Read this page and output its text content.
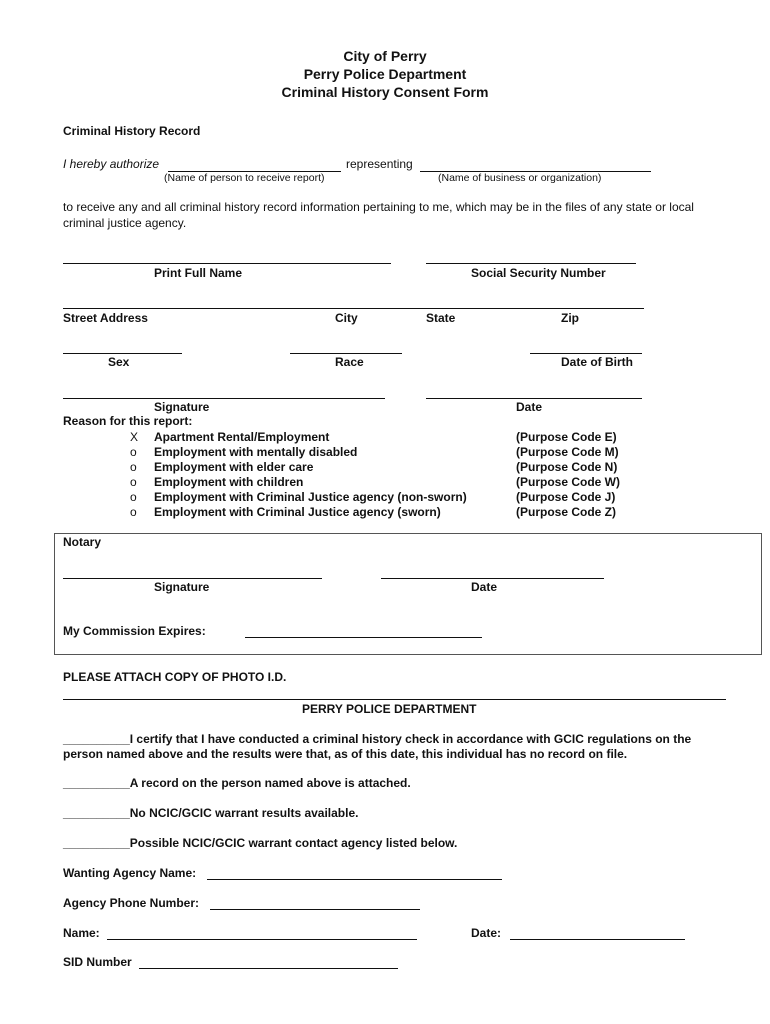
City of Perry
Perry Police Department
Criminal History Consent Form
Criminal History Record
I hereby authorize	representing
(Name of person to receive report)	(Name of business or organization)
to receive any and all criminal history record information pertaining to me, which may be in the files of any state or local criminal justice agency.
Print Full Name	Social Security Number
Street Address	City	State	Zip
Sex	Race	Date of Birth
Signature	Date
Reason for this report:
X Apartment Rental/Employment	(Purpose Code E)
o Employment with mentally disabled	(Purpose Code M)
o Employment with elder care	(Purpose Code N)
o Employment with children	(Purpose Code W)
o Employment with Criminal Justice agency (non-sworn)	(Purpose Code J)
o Employment with Criminal Justice agency (sworn)	(Purpose Code Z)
Notary
Signature	Date
My Commission Expires:
PLEASE ATTACH COPY OF PHOTO I.D.
PERRY POLICE DEPARTMENT
__________I certify that I have conducted a criminal history check in accordance with GCIC regulations on the person named above and the results were that, as of this date, this individual has no record on file.
__________A record on the person named above is attached.
__________No NCIC/GCIC warrant results available.
__________Possible NCIC/GCIC warrant contact agency listed below.
Wanting Agency Name:
Agency Phone Number:
Name:	Date:
SID Number
